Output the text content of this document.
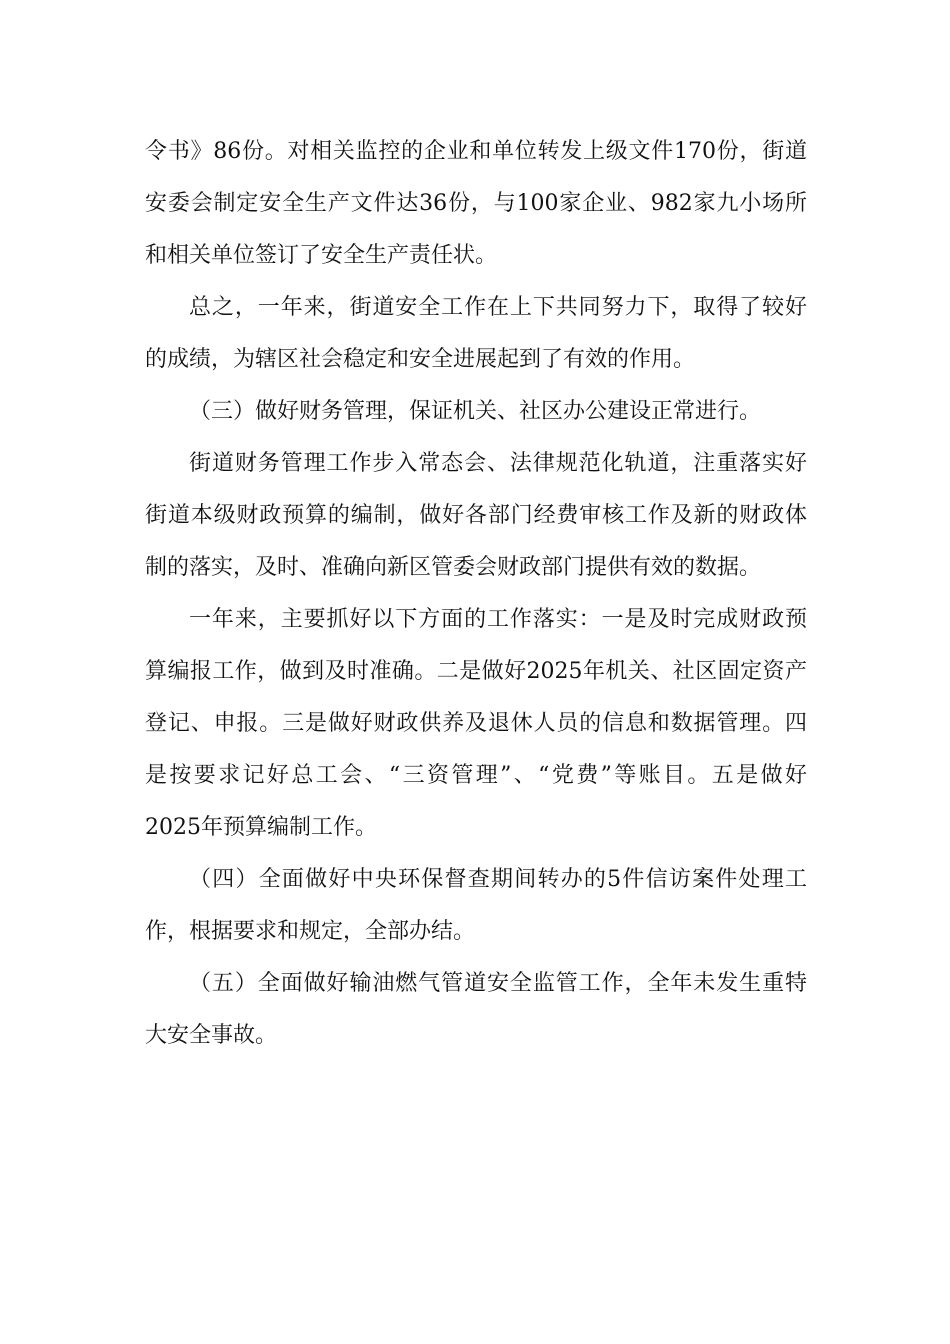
令书》86份。对相关监控的企业和单位转发上级文件170份，街道
安委会制定安全生产文件达36份，与100家企业、982家九小场所
和相关单位签订了安全生产责任状。
总之，一年来，街道安全工作在上下共同努力下，取得了较好
的成绩，为辖区社会稳定和安全进展起到了有效的作用。
（三）做好财务管理，保证机关、社区办公建设正常进行。
街道财务管理工作步入常态会、法律规范化轨道，注重落实好
街道本级财政预算的编制，做好各部门经费审核工作及新的财政体
制的落实，及时、准确向新区管委会财政部门提供有效的数据。
一年来，主要抓好以下方面的工作落实：一是及时完成财政预
算编报工作，做到及时准确。二是做好2025年机关、社区固定资产
登记、申报。三是做好财政供养及退休人员的信息和数据管理。四
是按要求记好总工会、“三资管理”、“党费”等账目。五是做好
2025年预算编制工作。
（四）全面做好中央环保督查期间转办的5件信访案件处理工
作，根据要求和规定，全部办结。
（五）全面做好输油燃气管道安全监管工作，全年未发生重特
大安全事故。
